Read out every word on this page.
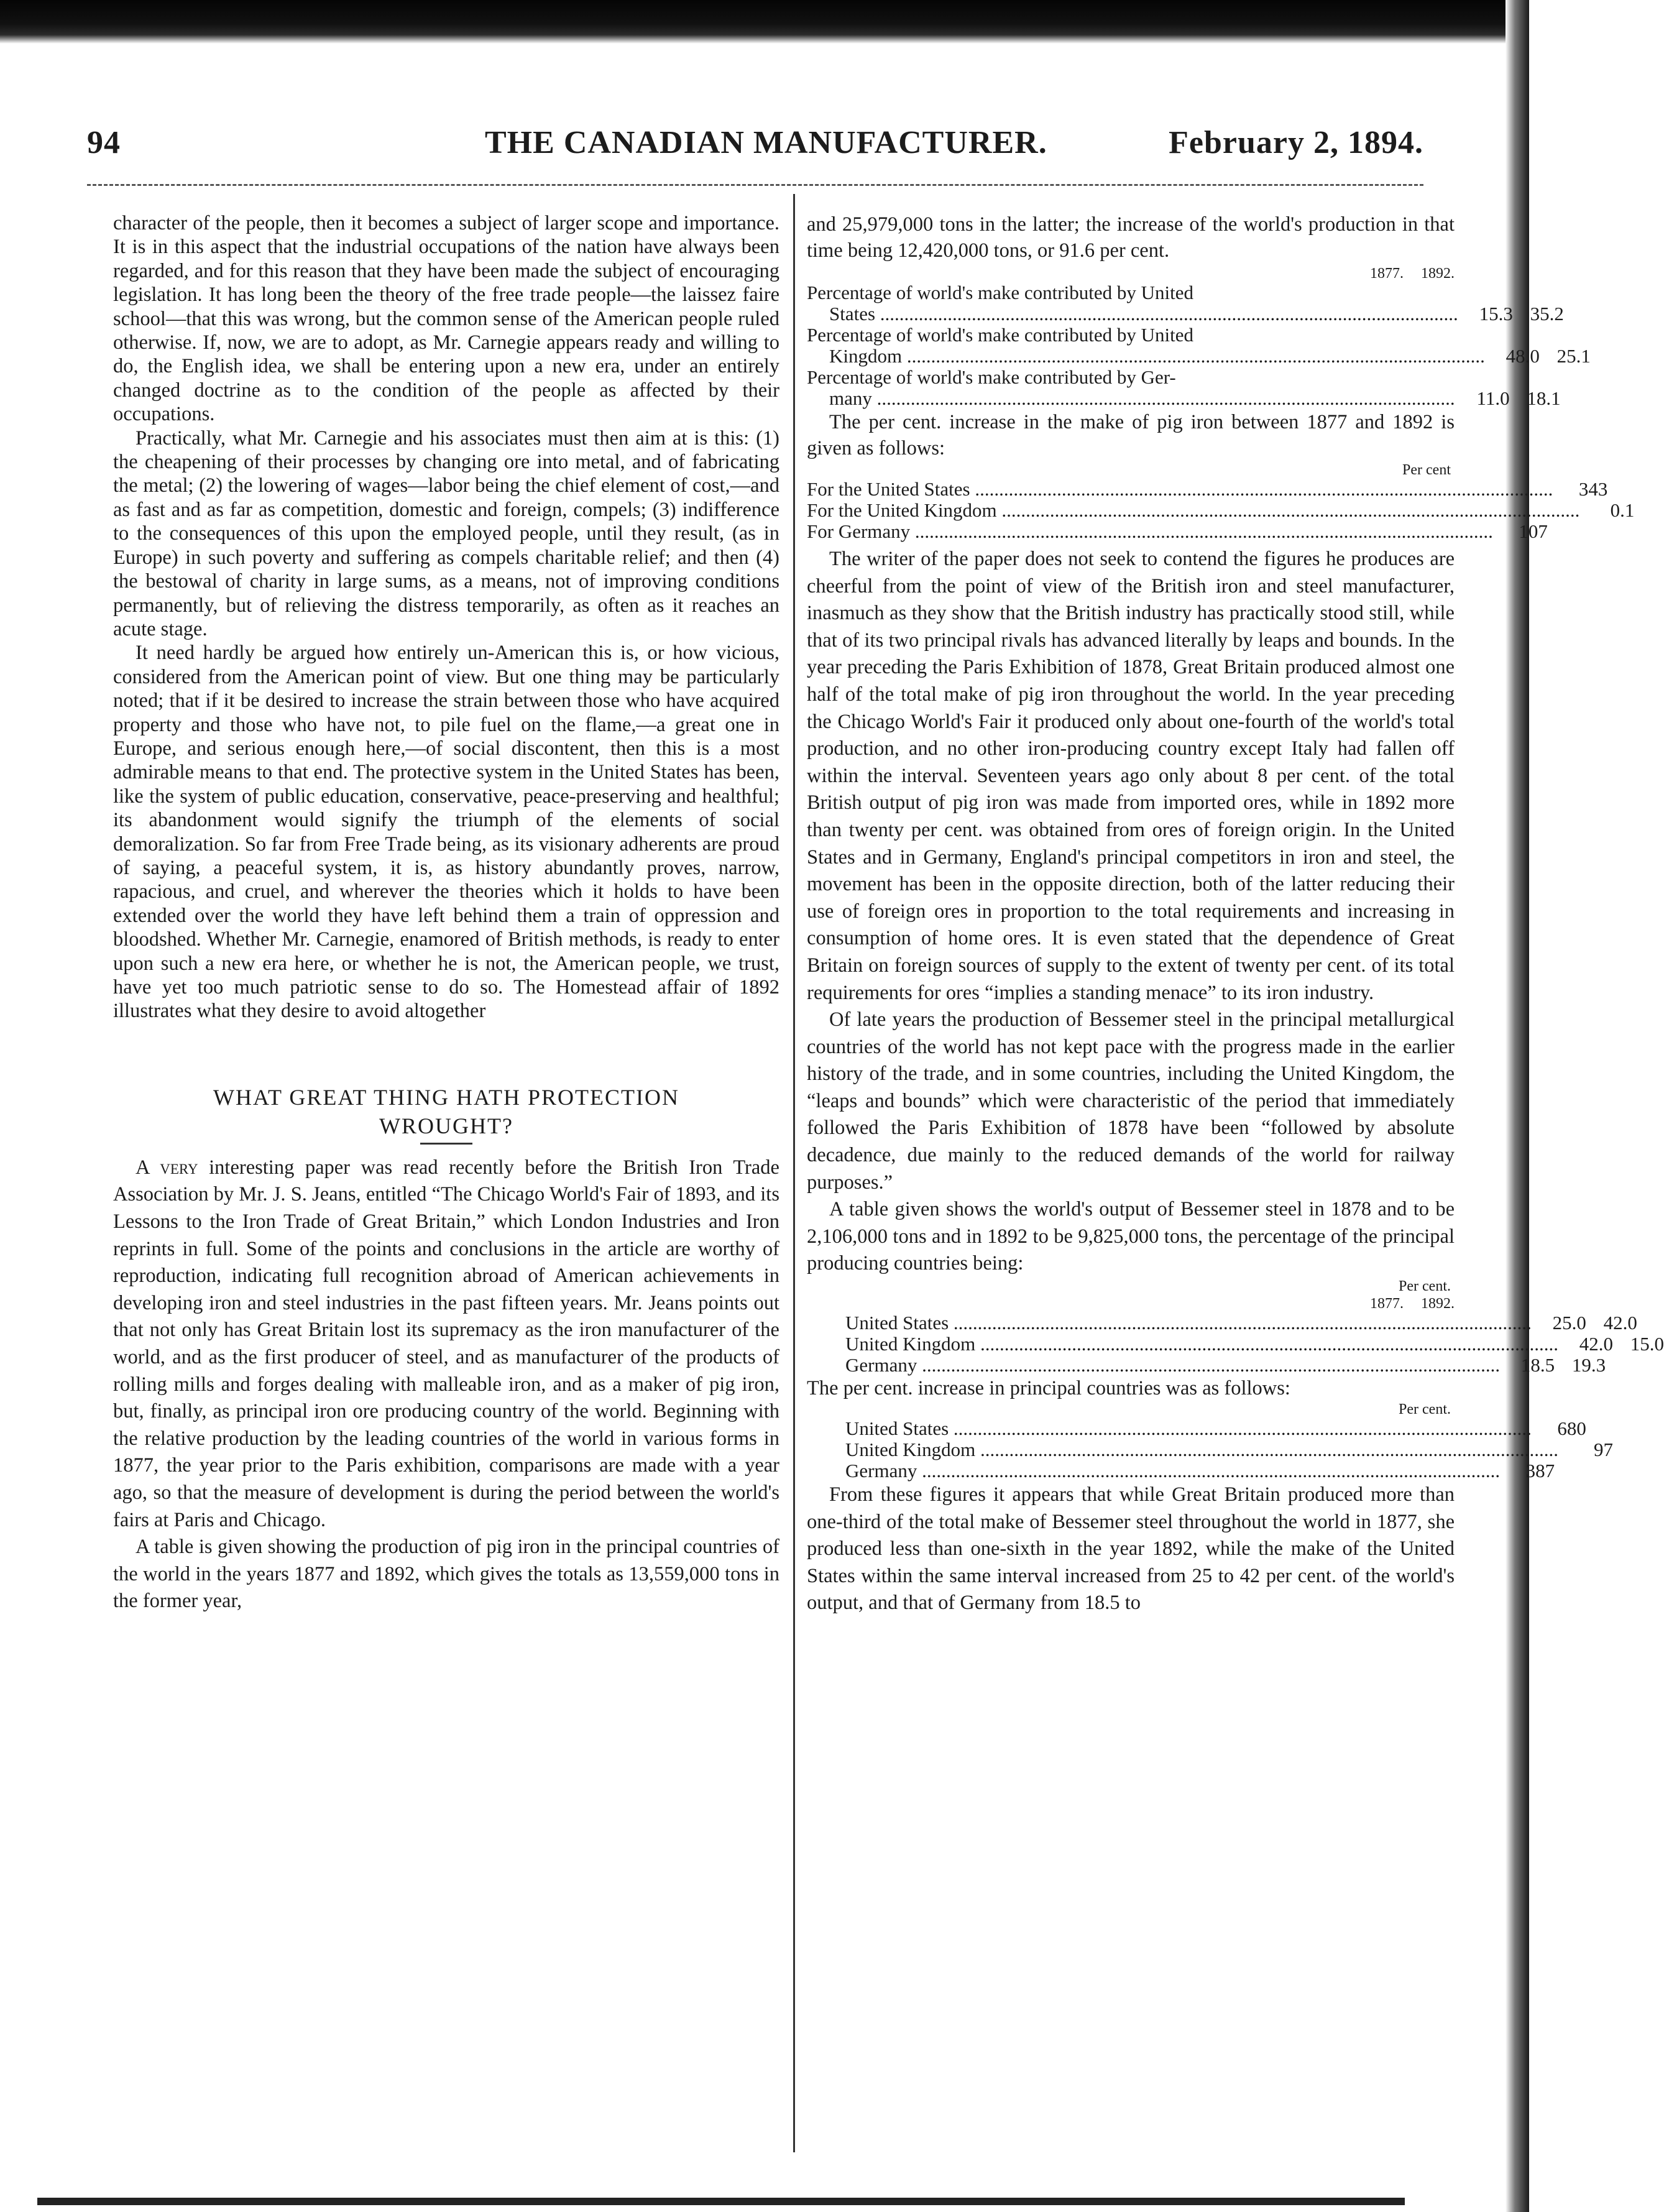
94	THE CANADIAN MANUFACTURER.	February 2, 1894.

character of the people, then it becomes a subject of larger scope and importance. It is in this aspect that the industrial occupations of the nation have always been regarded, and for this reason that they have been made the subject of encouraging legislation. It has long been the theory of the free trade people—the laissez faire school—that this was wrong, but the common sense of the American people ruled otherwise. If, now, we are to adopt, as Mr. Carnegie appears ready and willing to do, the English idea, we shall be entering upon a new era, under an entirely changed doctrine as to the condition of the people as affected by their occupations.

Practically, what Mr. Carnegie and his associates must then aim at is this: (1) the cheapening of their processes by changing ore into metal, and of fabricating the metal; (2) the lowering of wages—labor being the chief element of cost,—and as fast and as far as competition, domestic and foreign, compels; (3) indifference to the consequences of this upon the employed people, until they result, (as in Europe) in such poverty and suffering as compels charitable relief; and then (4) the bestowal of charity in large sums, as a means, not of improving conditions permanently, but of relieving the distress temporarily, as often as it reaches an acute stage.

It need hardly be argued how entirely un-American this is, or how vicious, considered from the American point of view. But one thing may be particularly noted; that if it be desired to increase the strain between those who have acquired property and those who have not, to pile fuel on the flame,—a great one in Europe, and serious enough here,—of social discontent, then this is a most admirable means to that end. The protective system in the United States has been, like the system of public education, conservative, peace-preserving and healthful; its abandonment would signify the triumph of the elements of social demoralization. So far from Free Trade being, as its visionary adherents are proud of saying, a peaceful system, it is, as history abundantly proves, narrow, rapacious, and cruel, and wherever the theories which it holds to have been extended over the world they have left behind them a train of oppression and bloodshed. Whether Mr. Carnegie, enamored of British methods, is ready to enter upon such a new era here, or whether he is not, the American people, we trust, have yet too much patriotic sense to do so. The Homestead affair of 1892 illustrates what they desire to avoid altogether

WHAT GREAT THING HATH PROTECTION

WROUGHT?

A very interesting paper was read recently before the British Iron Trade Association by Mr. J. S. Jeans, entitled “The Chicago World's Fair of 1893, and its Lessons to the Iron Trade of Great Britain,” which London Industries and Iron reprints in full. Some of the points and conclusions in the article are worthy of reproduction, indicating full recognition abroad of American achievements in developing iron and steel industries in the past fifteen years. Mr. Jeans points out that not only has Great Britain lost its supremacy as the iron manufacturer of the world, and as the first producer of steel, and as manufacturer of the products of rolling mills and forges dealing with malleable iron, and as a maker of pig iron, but, finally, as principal iron ore producing country of the world. Beginning with the relative production by the leading countries of the world in various forms in 1877, the year prior to the Paris exhibition, comparisons are made with a year ago, so that the measure of development is during the period between the world's fairs at Paris and Chicago.

A table is given showing the production of pig iron in the principal countries of the world in the years 1877 and 1892, which gives the totals as 13,559,000 tons in the former year,

and 25,979,000 tons in the latter; the increase of the world's production in that time being 12,420,000 tons, or 91.6 per cent.

1877.	1892.
Percentage of world's make contributed by United
States ........................................................................................................................	15.3 35.2
Percentage of world's make contributed by United
Kingdom ........................................................................................................................	48.0 25.1
Percentage of world's make contributed by Ger-
many ........................................................................................................................	11.0 18.1

The per cent. increase in the make of pig iron between 1877 and 1892 is given as follows:

Per cent
For the United States ........................................................................................................................	343
For the United Kingdom ........................................................................................................................	0.1
For Germany ........................................................................................................................	107

The writer of the paper does not seek to contend the figures he produces are cheerful from the point of view of the British iron and steel manufacturer, inasmuch as they show that the British industry has practically stood still, while that of its two principal rivals has advanced literally by leaps and bounds. In the year preceding the Paris Exhibition of 1878, Great Britain produced almost one half of the total make of pig iron throughout the world. In the year preceding the Chicago World's Fair it produced only about one-fourth of the world's total production, and no other iron-producing country except Italy had fallen off within the interval. Seventeen years ago only about 8 per cent. of the total British output of pig iron was made from imported ores, while in 1892 more than twenty per cent. was obtained from ores of foreign origin. In the United States and in Germany, England's principal competitors in iron and steel, the movement has been in the opposite direction, both of the latter reducing their use of foreign ores in proportion to the total requirements and increasing in consumption of home ores. It is even stated that the dependence of Great Britain on foreign sources of supply to the extent of twenty per cent. of its total requirements for ores “implies a standing menace” to its iron industry.

Of late years the production of Bessemer steel in the principal metallurgical countries of the world has not kept pace with the progress made in the earlier history of the trade, and in some countries, including the United Kingdom, the “leaps and bounds” which were characteristic of the period that immediately followed the Paris Exhibition of 1878 have been “followed by absolute decadence, due mainly to the reduced demands of the world for railway purposes.”

A table given shows the world's output of Bessemer steel in 1878 and to be 2,106,000 tons and in 1892 to be 9,825,000 tons, the percentage of the principal producing countries being:

Per cent.
1877.	1892.
United States ........................................................................................................................	25.0 42.0
United Kingdom ........................................................................................................................	42.0 15.0
Germany ........................................................................................................................	18.5 19.3

The per cent. increase in principal countries was as follows:

Per cent.
United States ........................................................................................................................	680
United Kingdom ........................................................................................................................	97
Germany ........................................................................................................................	387

From these figures it appears that while Great Britain produced more than one-third of the total make of Bessemer steel throughout the world in 1877, she produced less than one-sixth in the year 1892, while the make of the United States within the same interval increased from 25 to 42 per cent. of the world's output, and that of Germany from 18.5 to
